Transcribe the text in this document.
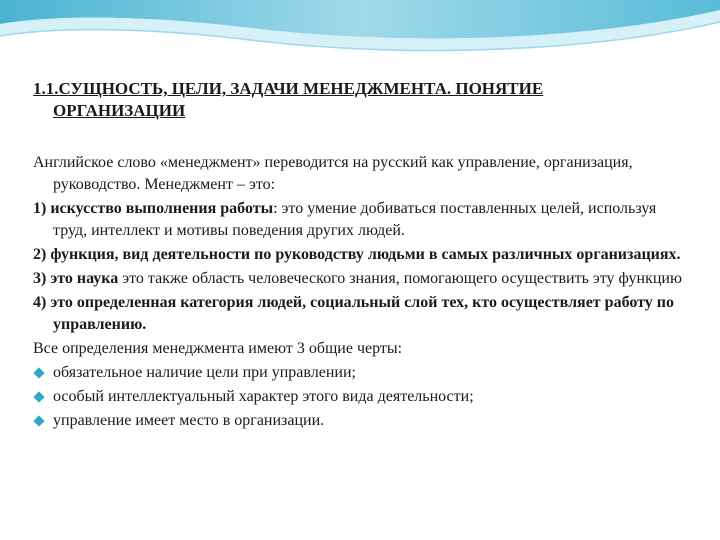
1.1.СУЩНОСТЬ, ЦЕЛИ, ЗАДАЧИ МЕНЕДЖМЕНТА. ПОНЯТИЕ
ОРГАНИЗАЦИИ

Английское слово «менеджмент» переводится на русский как управление, организация, руководство. Менеджмент – это:

1) искусство выполнения работы: это умение добиваться поставленных целей, используя труд, интеллект и мотивы поведения других людей.

2) функция, вид деятельности по руководству людьми в самых различных организациях.

3) это наука это также область человеческого знания, помогающего осуществить эту функцию

4) это определенная категория людей, социальный слой тех, кто осуществляет работу по управлению.

Все определения менеджмента имеют 3 общие черты:

обязательное наличие цели при управлении;
особый интеллектуальный характер этого вида деятельности;
управление имеет место в организации.
